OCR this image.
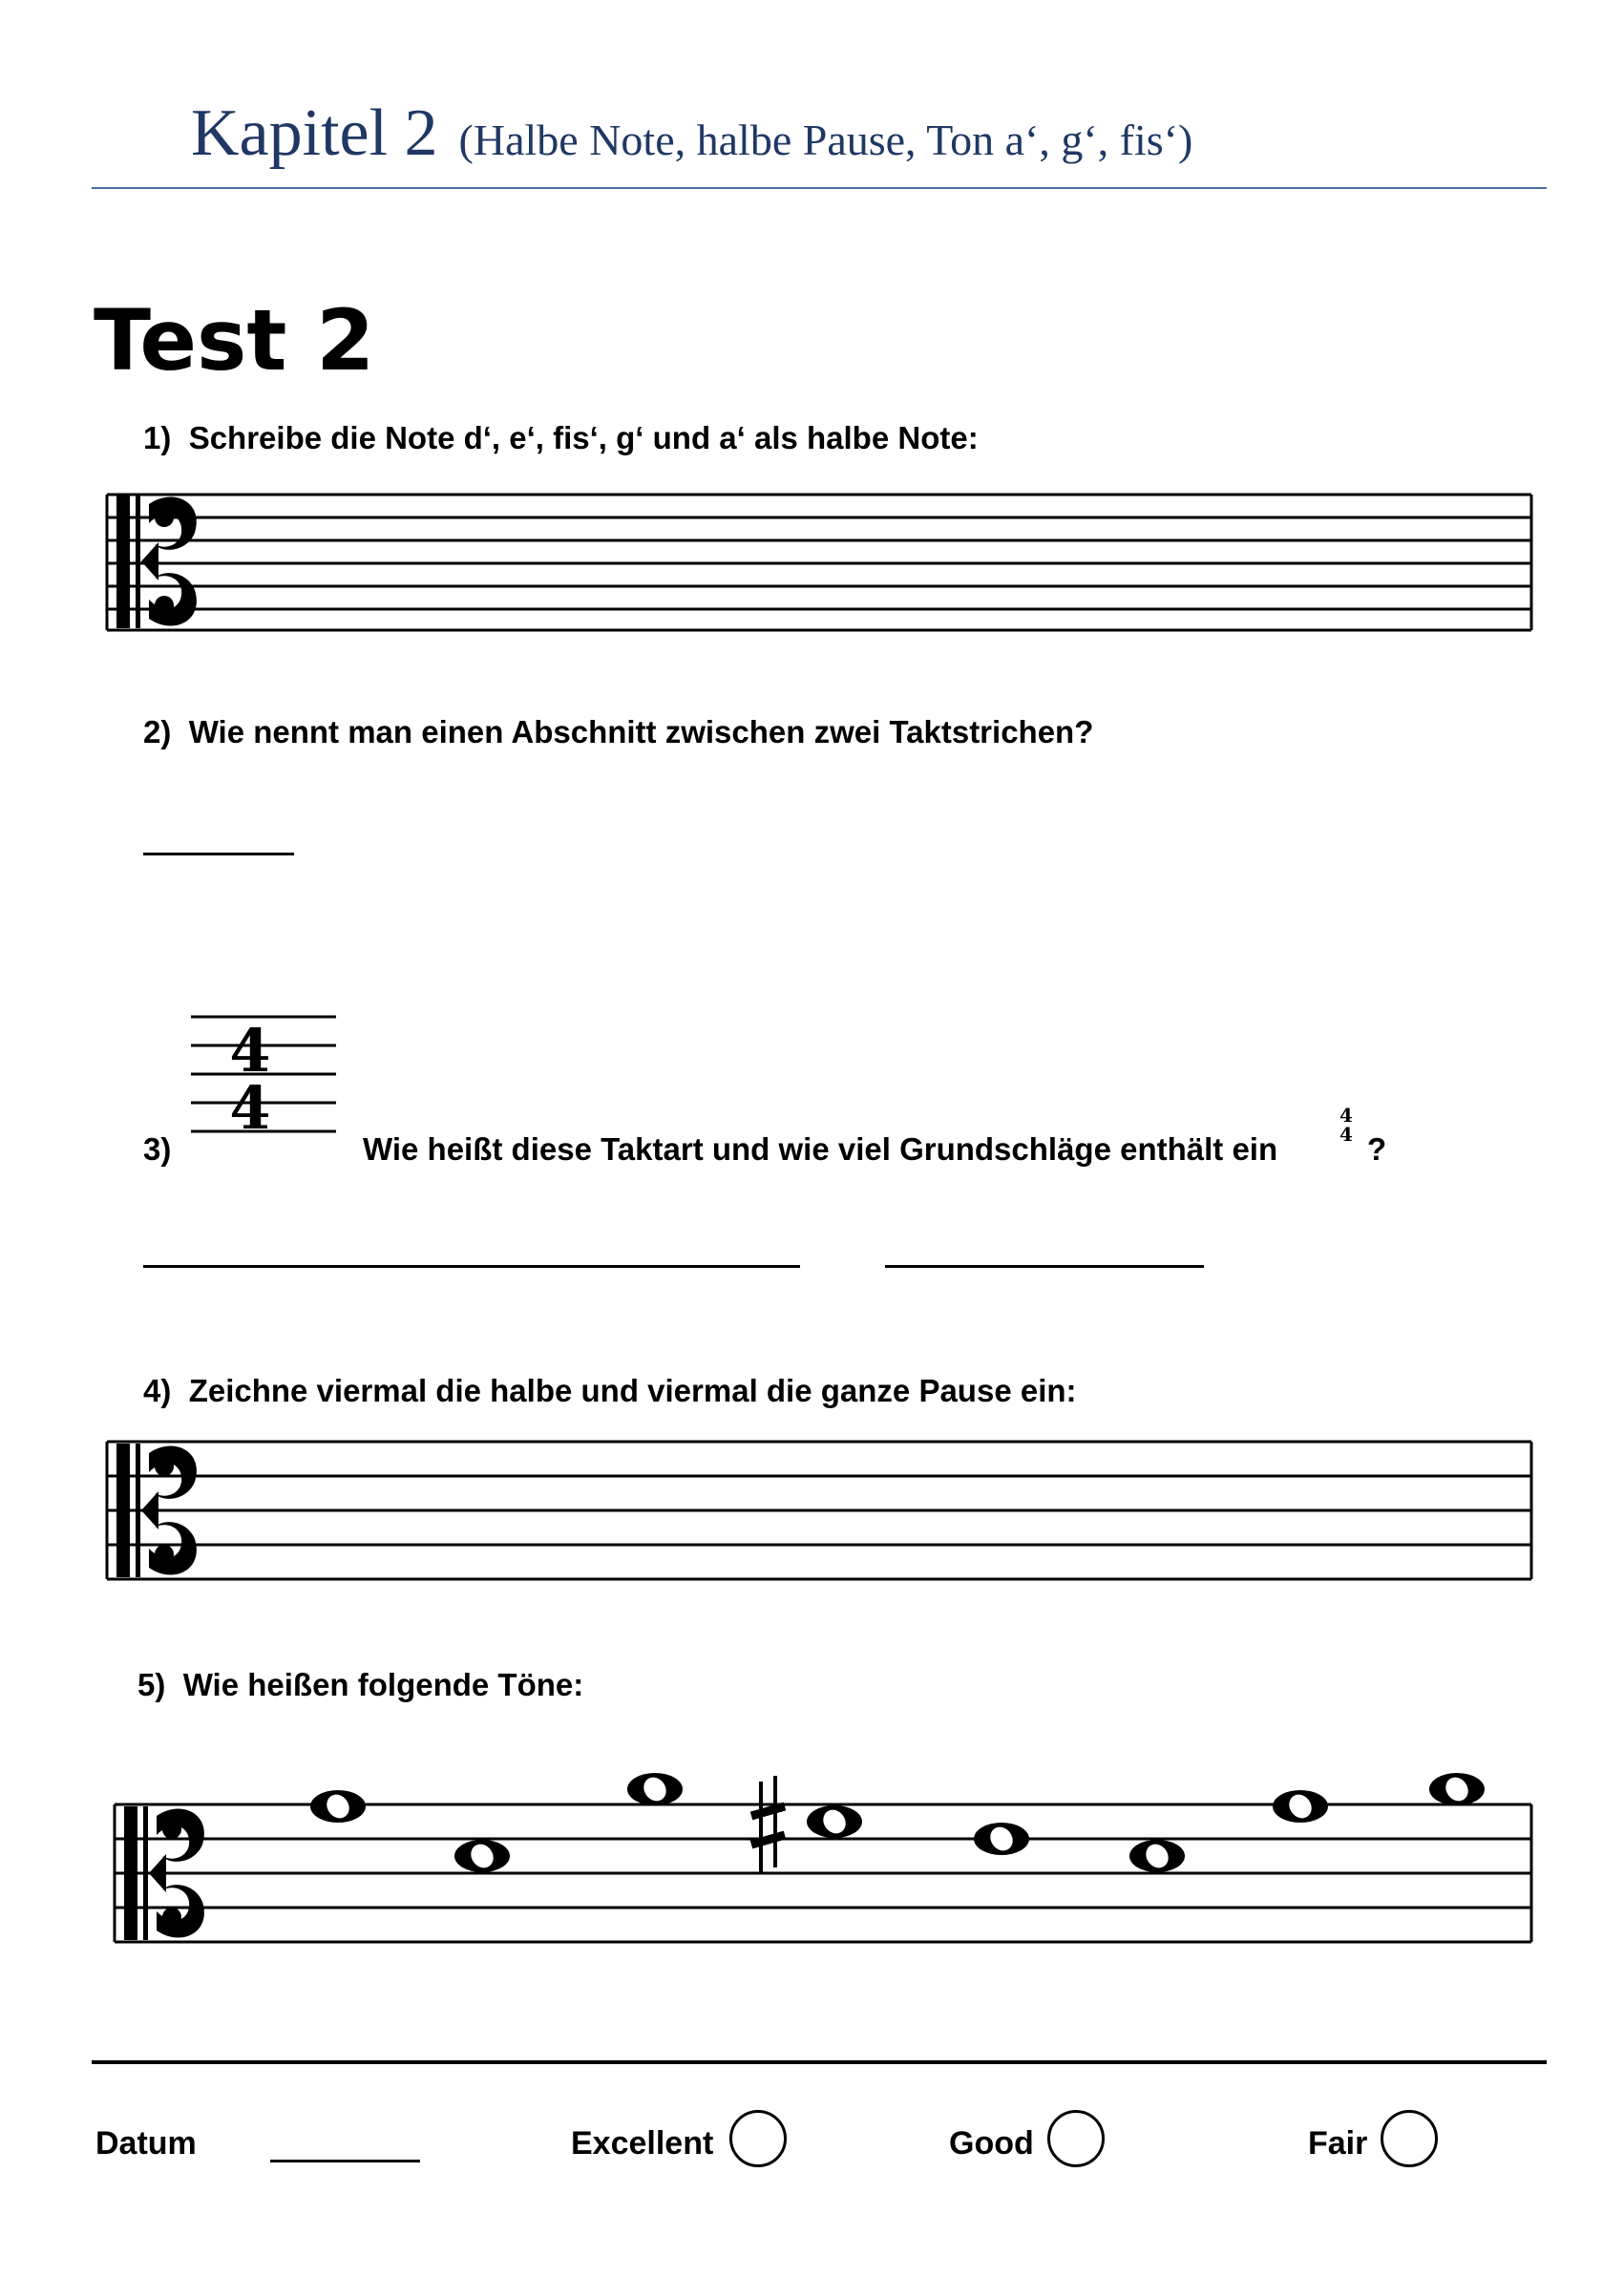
Kapitel 2 (Halbe Note, halbe Pause, Ton a‘, g‘, fis‘)
Test 2
1) Schreibe die Note d‘, e‘, fis‘, g‘ und a‘ als halbe Note:
2) Wie nennt man einen Abschnitt zwischen zwei Taktstrichen?
3)	Wie heißt diese Taktart und wie viel Grundschläge enthält ein
4
4 ?
4) Zeichne viermal die halbe und viermal die ganze Pause ein:
5) Wie heißen folgende Töne:
4
4
Datum	Excellent	Good	Fair
